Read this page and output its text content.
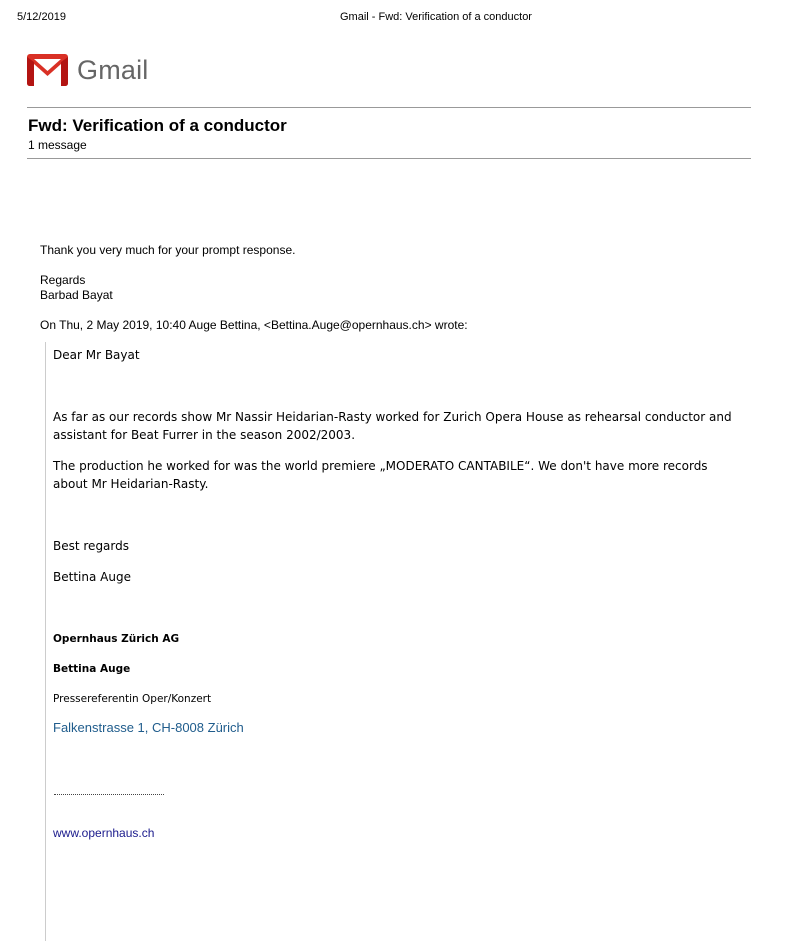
5/12/2019	Gmail - Fwd: Verification of a conductor
Gmail
Fwd: Verification of a conductor
1 message
Thank you very much for your prompt response.
Regards
Barbad Bayat
On Thu, 2 May 2019, 10:40 Auge Bettina, <Bettina.Auge@opernhaus.ch> wrote:
Dear Mr Bayat
As far as our records show Mr Nassir Heidarian-Rasty worked for Zurich Opera House as rehearsal conductor and assistant for Beat Furrer in the season 2002/2003.
The production he worked for was the world premiere „MODERATO CANTABILE“. We don't have more records about Mr Heidarian-Rasty.
Best regards
Bettina Auge
Opernhaus Zürich AG
Bettina Auge
Pressereferentin Oper/Konzert
Falkenstrasse 1, CH-8008 Zürich
www.opernhaus.ch
